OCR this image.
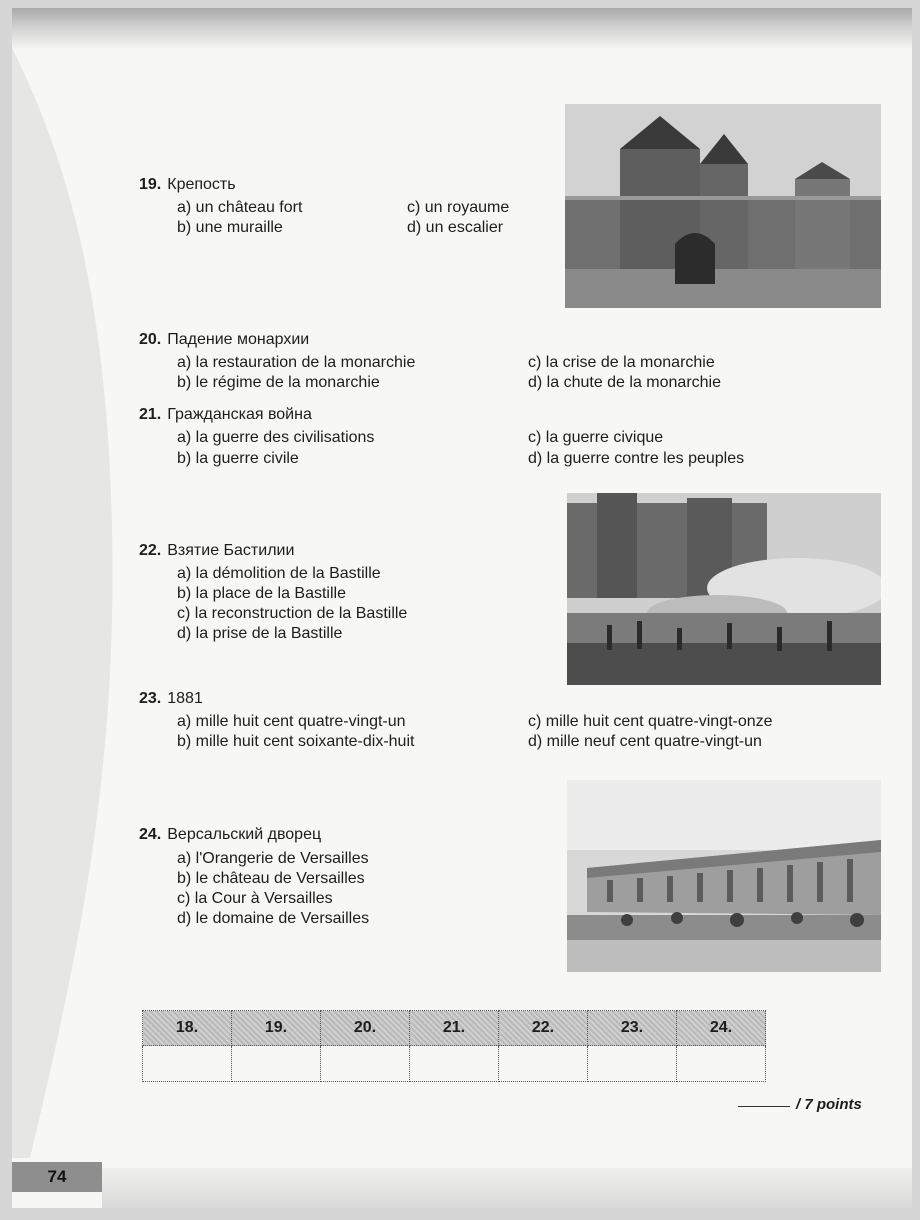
19. Крепость
a) un château fort
b) une muraille
c) un royaume
d) un escalier
20. Падение монархии
a) la restauration de la monarchie
b) le régime de la monarchie
c) la crise de la monarchie
d) la chute de la monarchie
21. Гражданская война
a) la guerre des civilisations
b) la guerre civile
c) la guerre civique
d) la guerre contre les peuples
22. Взятие Бастилии
a) la démolition de la Bastille
b) la place de la Bastille
c) la reconstruction de la Bastille
d) la prise de la Bastille
23. 1881
a) mille huit cent quatre-vingt-un
b) mille huit cent soixante-dix-huit
c) mille huit cent quatre-vingt-onze
d) mille neuf cent quatre-vingt-un
24. Версальский дворец
a) l'Orangerie de Versailles
b) le château de Versailles
c) la Cour à Versailles
d) le domaine de Versailles
18.	19.	20.	21.	22.	23.	24.

/ 7 points
74
